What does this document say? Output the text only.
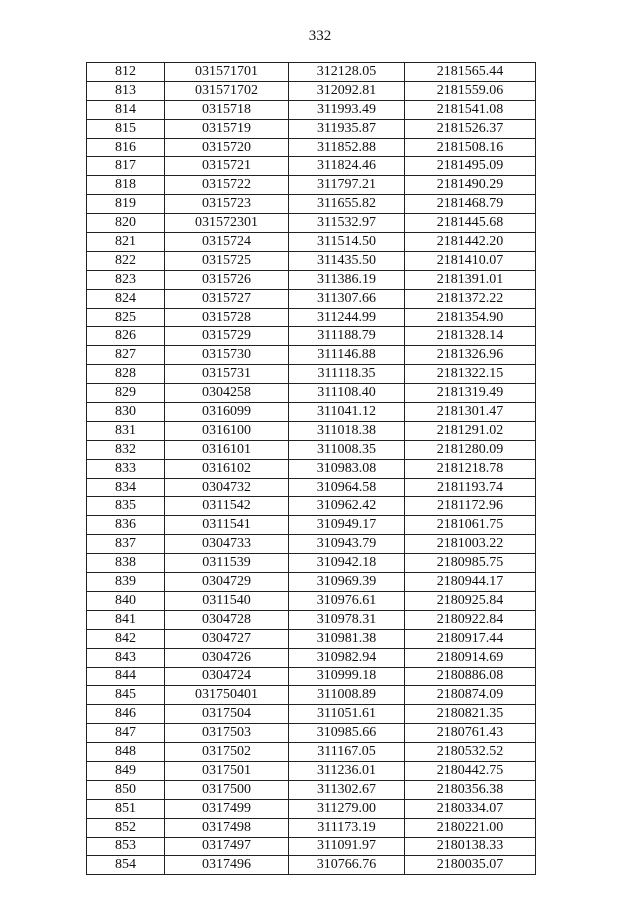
332
812	031571701	312128.05	2181565.44
813	031571702	312092.81	2181559.06
814	0315718	311993.49	2181541.08
815	0315719	311935.87	2181526.37
816	0315720	311852.88	2181508.16
817	0315721	311824.46	2181495.09
818	0315722	311797.21	2181490.29
819	0315723	311655.82	2181468.79
820	031572301	311532.97	2181445.68
821	0315724	311514.50	2181442.20
822	0315725	311435.50	2181410.07
823	0315726	311386.19	2181391.01
824	0315727	311307.66	2181372.22
825	0315728	311244.99	2181354.90
826	0315729	311188.79	2181328.14
827	0315730	311146.88	2181326.96
828	0315731	311118.35	2181322.15
829	0304258	311108.40	2181319.49
830	0316099	311041.12	2181301.47
831	0316100	311018.38	2181291.02
832	0316101	311008.35	2181280.09
833	0316102	310983.08	2181218.78
834	0304732	310964.58	2181193.74
835	0311542	310962.42	2181172.96
836	0311541	310949.17	2181061.75
837	0304733	310943.79	2181003.22
838	0311539	310942.18	2180985.75
839	0304729	310969.39	2180944.17
840	0311540	310976.61	2180925.84
841	0304728	310978.31	2180922.84
842	0304727	310981.38	2180917.44
843	0304726	310982.94	2180914.69
844	0304724	310999.18	2180886.08
845	031750401	311008.89	2180874.09
846	0317504	311051.61	2180821.35
847	0317503	310985.66	2180761.43
848	0317502	311167.05	2180532.52
849	0317501	311236.01	2180442.75
850	0317500	311302.67	2180356.38
851	0317499	311279.00	2180334.07
852	0317498	311173.19	2180221.00
853	0317497	311091.97	2180138.33
854	0317496	310766.76	2180035.07
